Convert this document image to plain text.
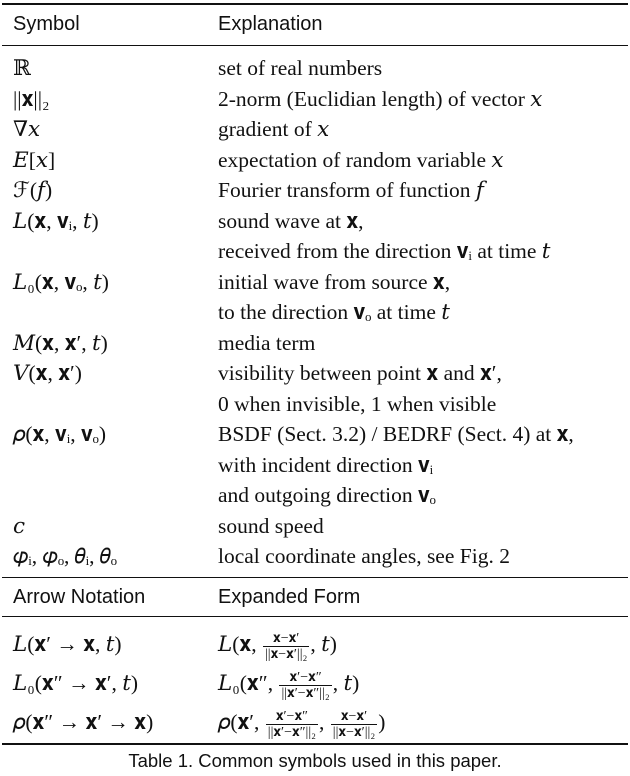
Symbol	Explanation
ℝ	set of real numbers
||𝐱||₂	2-norm (Euclidian length) of vector 𝑥
∇𝑥	gradient of 𝑥
𝐸[𝑥]	expectation of random variable 𝑥
ℱ(𝑓)	Fourier transform of function 𝑓
𝐿(𝐱, 𝐯ᵢ, 𝑡)	sound wave at 𝐱,
received from the direction 𝐯ᵢ at time 𝑡
𝐿₀(𝐱, 𝐯ₒ, 𝑡)	initial wave from source 𝐱,
to the direction 𝐯ₒ at time 𝑡
𝑀(𝐱, 𝐱′, 𝑡)	media term
𝑉(𝐱, 𝐱′)	visibility between point 𝐱 and 𝐱′,
0 when invisible, 1 when visible
𝜌(𝐱, 𝐯ᵢ, 𝐯ₒ)	BSDF (Sect. 3.2) / BEDRF (Sect. 4) at 𝐱,
with incident direction 𝐯ᵢ
and outgoing direction 𝐯ₒ
𝑐	sound speed
𝜑ᵢ, 𝜑ₒ, 𝜃ᵢ, 𝜃ₒ	local coordinate angles, see Fig. 2
Arrow Notation	Expanded Form
𝐿(𝐱′ → 𝐱, 𝑡)	𝐿(𝐱, $\frac{\text{𝐱−𝐱′}}{\text{||𝐱−𝐱′||₂}}$ , 𝑡)
𝐿₀(𝐱″ → 𝐱′, 𝑡)	𝐿₀(𝐱″, $\frac{\text{𝐱′−𝐱″}}{\text{||𝐱′−𝐱″||₂}}$ , 𝑡)
𝜌(𝐱″ → 𝐱′ → 𝐱)	𝜌(𝐱′, $\frac{\text{𝐱′−𝐱″}}{\text{||𝐱′−𝐱″||₂}}$ , $\frac{\text{𝐱−𝐱′}}{\text{||𝐱−𝐱′||₂}}$ )
Table 1. Common symbols used in this paper.
